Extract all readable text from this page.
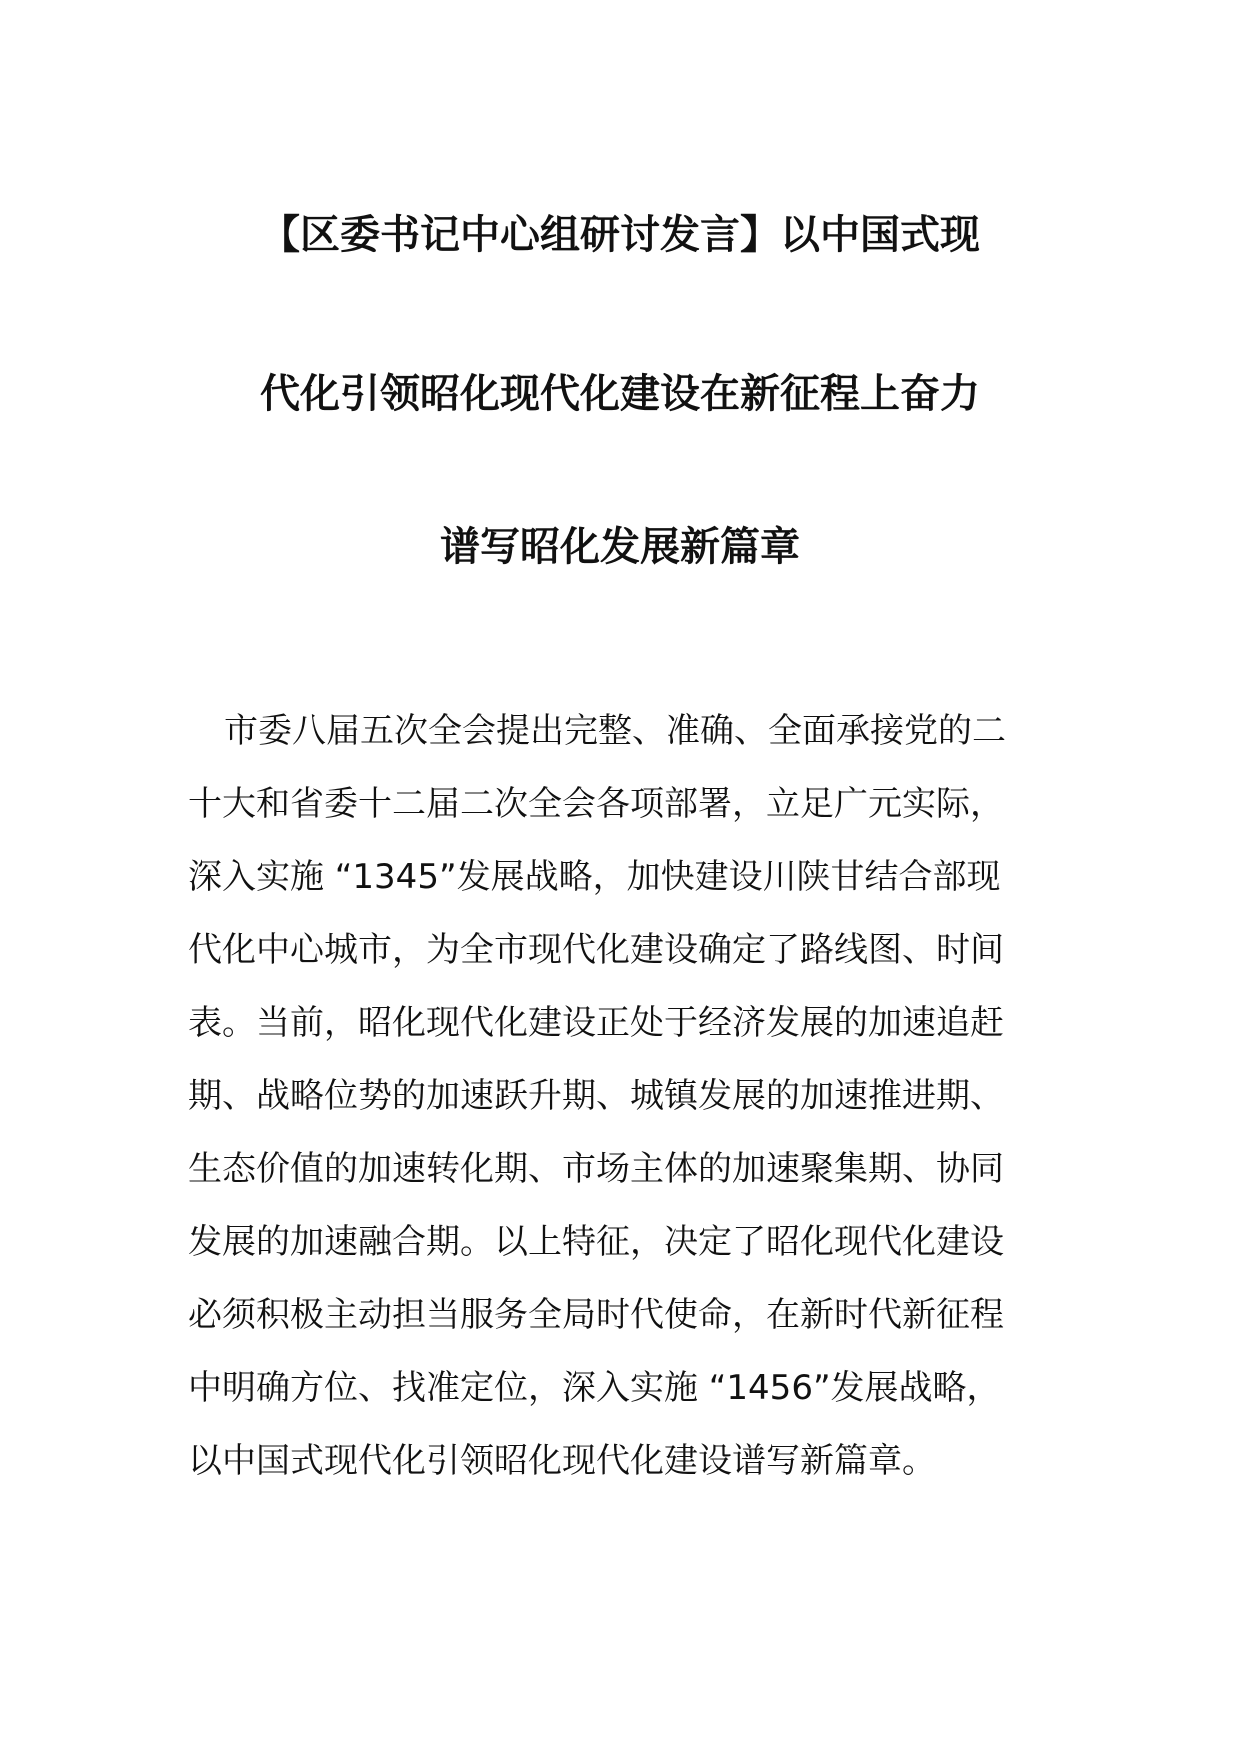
【区委书记中心组研讨发言】以中国式现
代化引领昭化现代化建设在新征程上奋力
谱写昭化发展新篇章
市委八届五次全会提出完整、准确、全面承接党的二
十大和省委十二届二次全会各项部署，立足广元实际，
深入实施 “1345”发展战略，加快建设川陕甘结合部现
代化中心城市，为全市现代化建设确定了路线图、时间
表。当前，昭化现代化建设正处于经济发展的加速追赶
期、战略位势的加速跃升期、城镇发展的加速推进期、
生态价值的加速转化期、市场主体的加速聚集期、协同
发展的加速融合期。以上特征，决定了昭化现代化建设
必须积极主动担当服务全局时代使命，在新时代新征程
中明确方位、找准定位，深入实施 “1456”发展战略，
以中国式现代化引领昭化现代化建设谱写新篇章。
